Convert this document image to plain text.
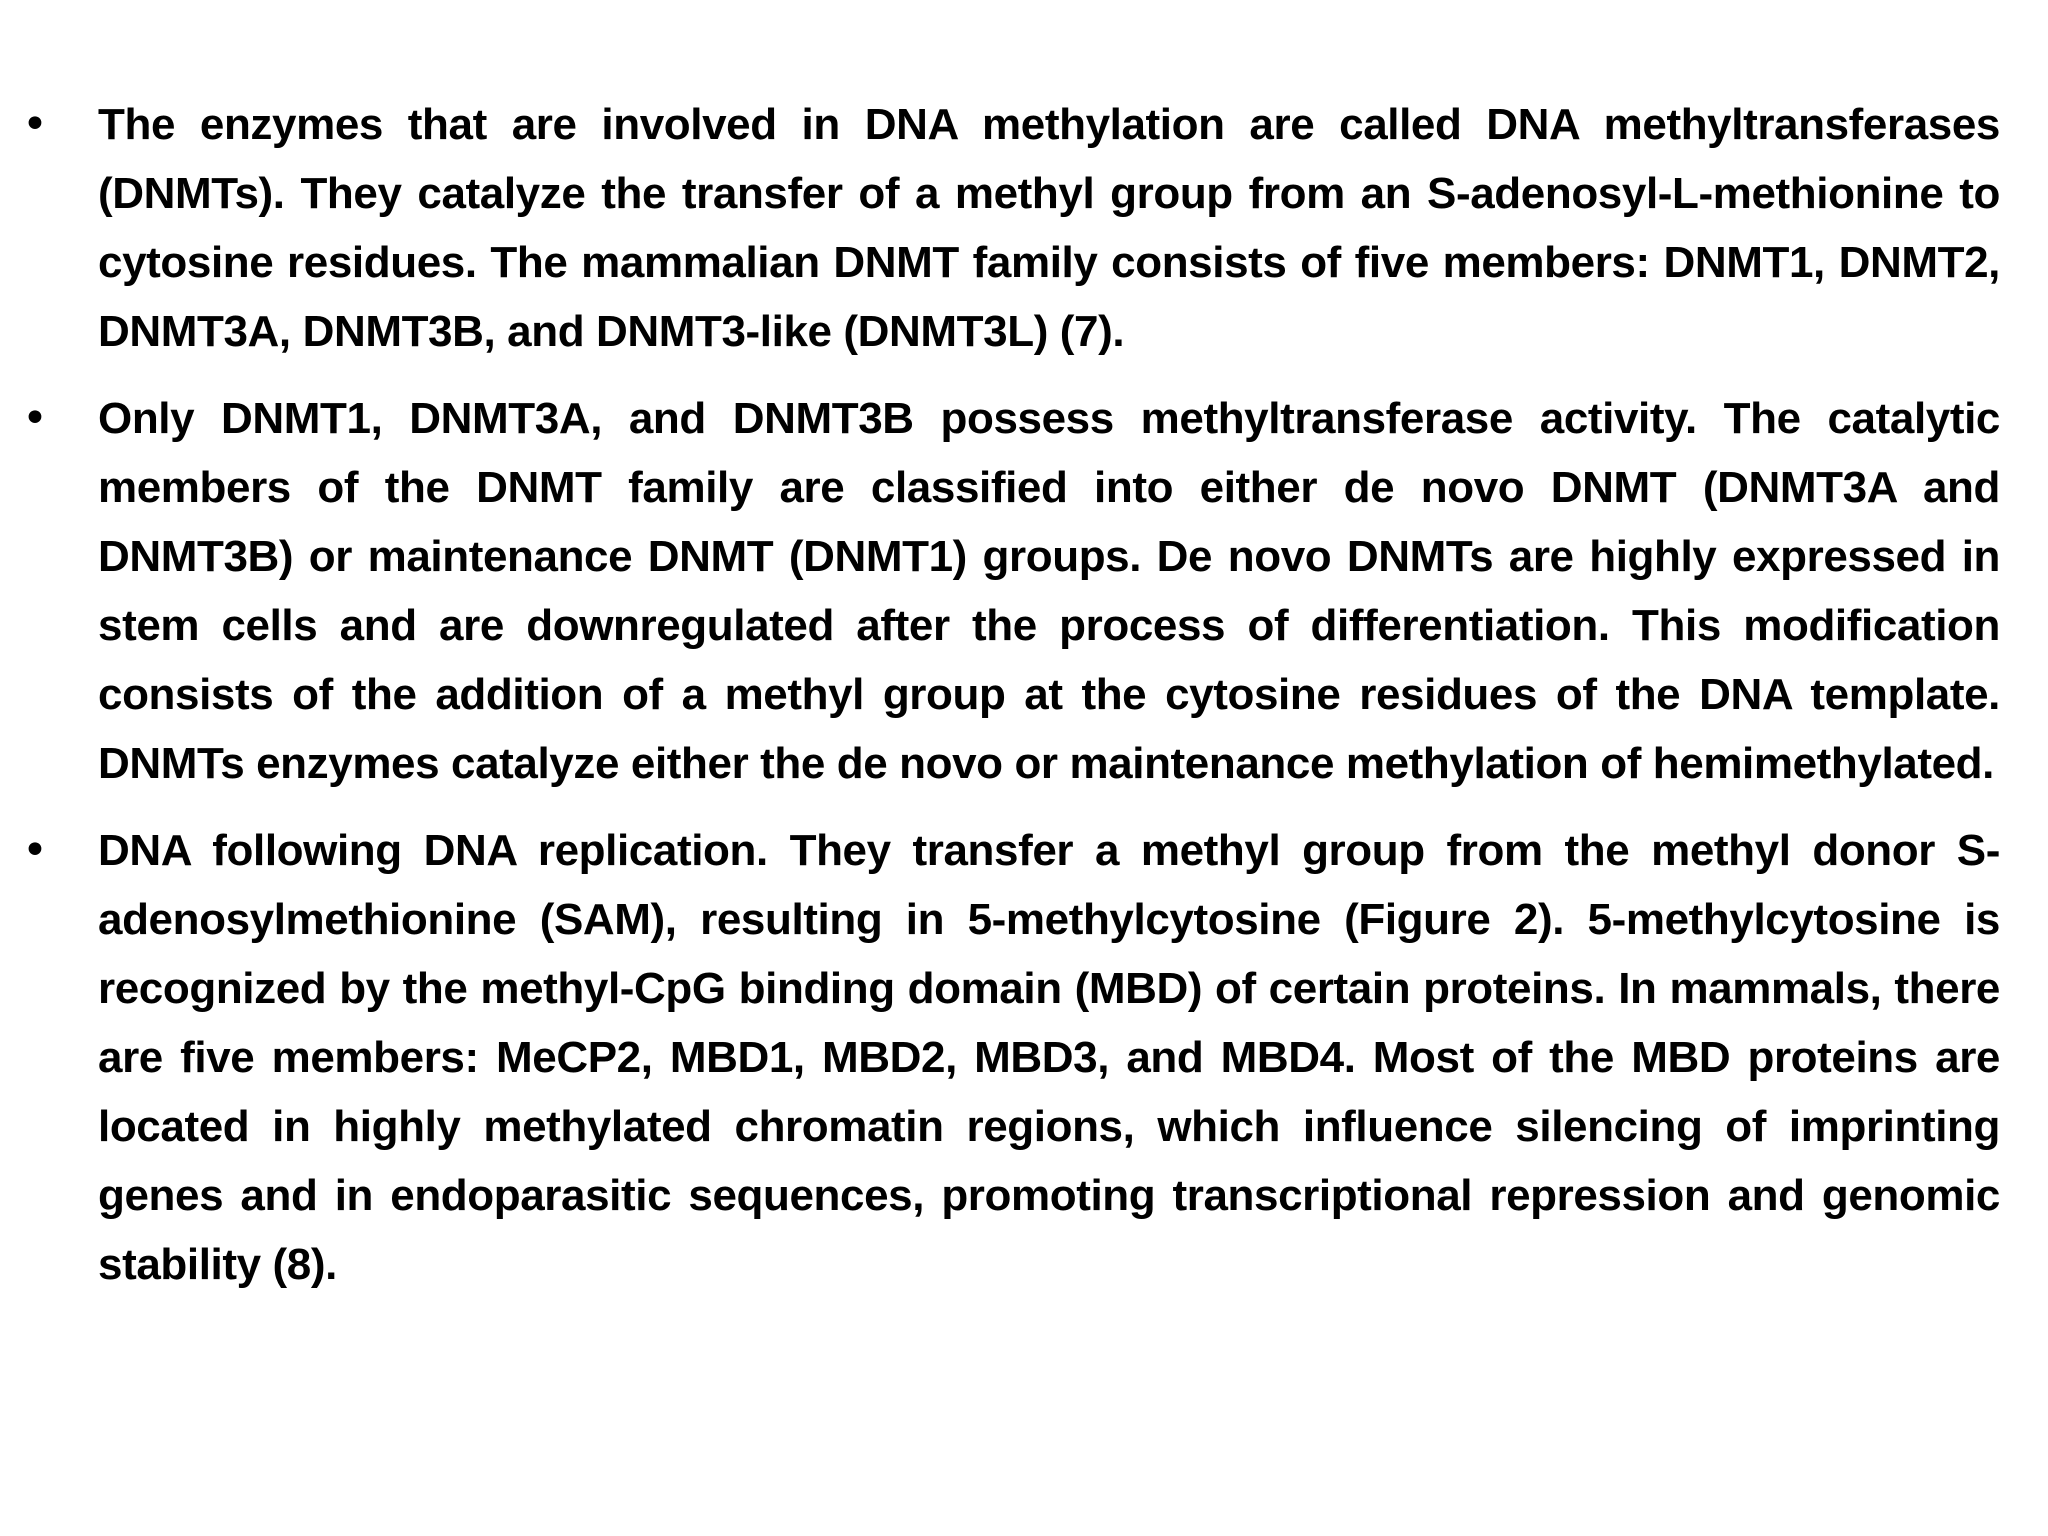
•	The enzymes that are involved in DNA methylation are called DNA methyltransferases (DNMTs). They catalyze the transfer of a methyl group from an S-adenosyl-L-methionine to cytosine residues. The mammalian DNMT family consists of five members: DNMT1, DNMT2, DNMT3A, DNMT3B, and DNMT3-like (DNMT3L) (7).
•	Only DNMT1, DNMT3A, and DNMT3B possess methyltransferase activity. The catalytic members of the DNMT family are classified into either de novo DNMT (DNMT3A and DNMT3B) or maintenance DNMT (DNMT1) groups. De novo DNMTs are highly expressed in stem cells and are downregulated after the process of differentiation. This modification consists of the addition of a methyl group at the cytosine residues of the DNA template. DNMTs enzymes catalyze either the de novo or maintenance methylation of hemimethylated.
•	DNA following DNA replication. They transfer a methyl group from the methyl donor S-adenosylmethionine (SAM), resulting in 5-methylcytosine (Figure 2). 5-methylcytosine is recognized by the methyl-CpG binding domain (MBD) of certain proteins. In mammals, there are five members: MeCP2, MBD1, MBD2, MBD3, and MBD4. Most of the MBD proteins are located in highly methylated chromatin regions, which influence silencing of imprinting genes and in endoparasitic sequences, promoting transcriptional repression and genomic stability (8).
